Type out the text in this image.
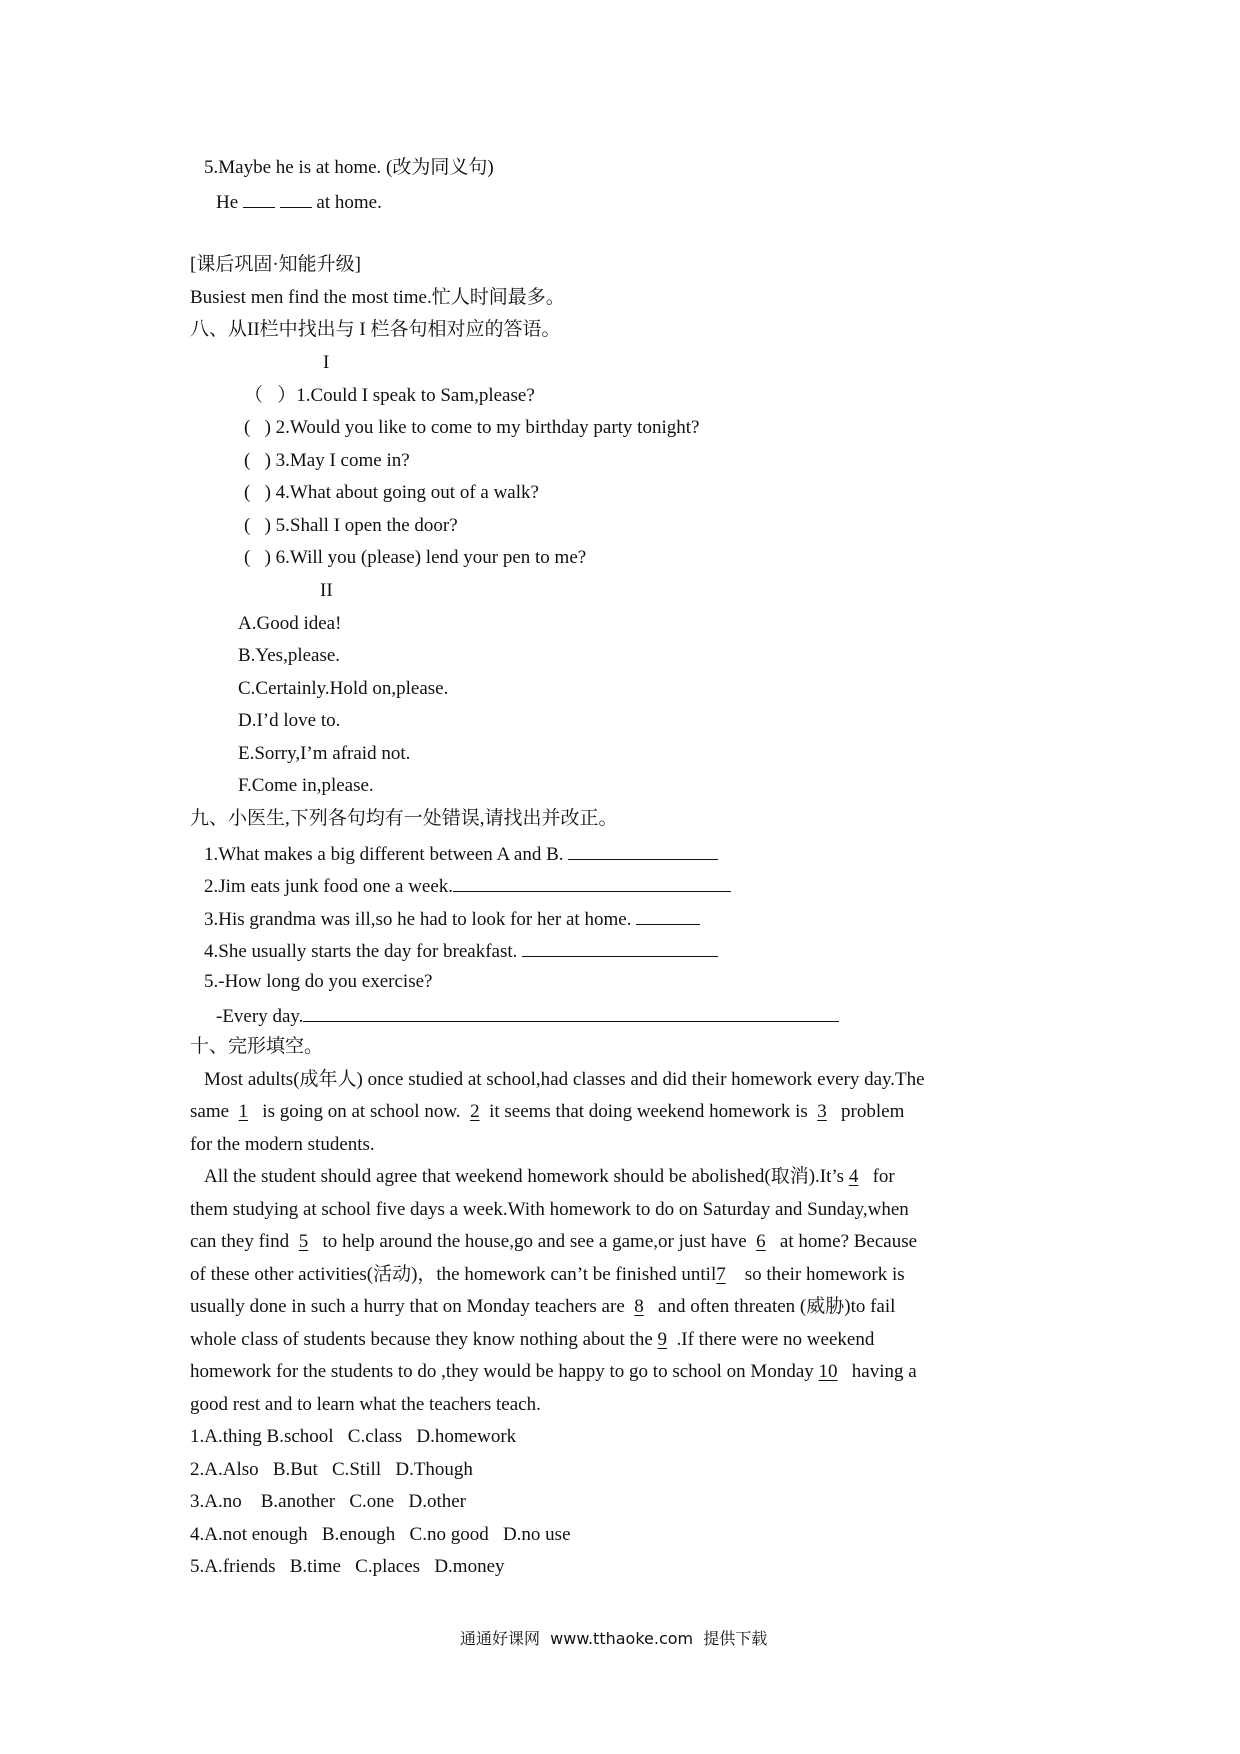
5.Maybe he is at home. (改为同义句)
He	at home.
[课后巩固·知能升级]
Busiest men find the most time.忙人时间最多。
八、从II栏中找出与 I 栏各句相对应的答语。
I
（   ）1.Could I speak to Sam,please?
(   ) 2.Would you like to come to my birthday party tonight?
(   ) 3.May I come in?
(   ) 4.What about going out of a walk?
(   ) 5.Shall I open the door?
(   ) 6.Will you (please) lend your pen to me?
II
A.Good idea!
B.Yes,please.
C.Certainly.Hold on,please.
D.I’d love to.
E.Sorry,I’m afraid not.
F.Come in,please.
九、小医生,下列各句均有一处错误,请找出并改正。
1.What makes a big different between A and B.
2.Jim eats junk food one a week.
3.His grandma was ill,so he had to look for her at home.
4.She usually starts the day for breakfast.
5.-How long do you exercise?
-Every day.
十、完形填空。
Most adults(成年人) once studied at school,had classes and did their homework every day.The
same 1 is going on at school now. 2 it seems that doing weekend homework is 3 problem
for the modern students.
All the student should agree that weekend homework should be abolished(取消).It’s 4 for
them studying at school five days a week.With homework to do on Saturday and Sunday,when
can they find 5 to help around the house,go and see a game,or just have 6 at home? Because
of these other activities(活动)，the homework can’t be finished until7 so their homework is
usually done in such a hurry that on Monday teachers are 8 and often threaten (威胁)to fail
whole class of students because they know nothing about the 9 .If there were no weekend
homework for the students to do ,they would be happy to go to school on Monday 10 having a
good rest and to learn what the teachers teach.
1.A.thing B.school   C.class   D.homework
2.A.Also   B.But   C.Still   D.Though
3.A.no    B.another   C.one   D.other
4.A.not enough   B.enough   C.no good   D.no use
5.A.friends   B.time   C.places   D.money
通通好课网  www.tthaoke.com  提供下载
